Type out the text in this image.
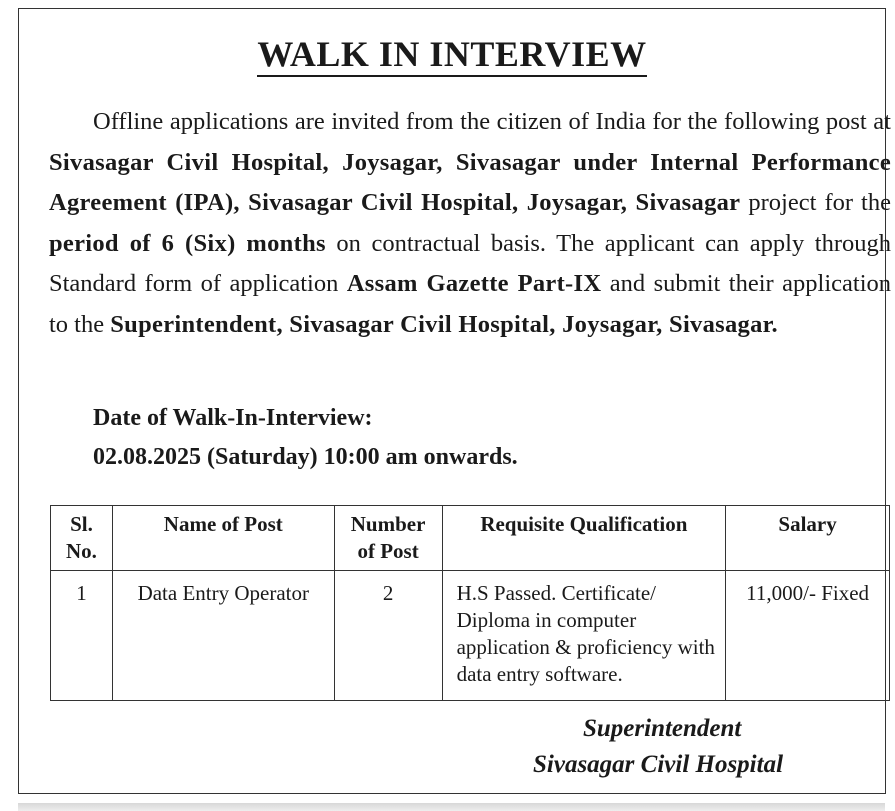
WALK IN INTERVIEW

Offline applications are invited from the citizen of India for the following post at Sivasagar Civil Hospital, Joysagar, Sivasagar under Internal Performance Agreement (IPA), Sivasagar Civil Hospital, Joysagar, Sivasagar project for the period of 6 (Six) months on contractual basis. The applicant can apply through Standard form of application Assam Gazette Part-IX and submit their application to the Superintendent, Sivasagar Civil Hospital, Joysagar, Sivasagar.

Date of Walk-In-Interview:
02.08.2025 (Saturday) 10:00 am onwards.
Sl. No.	Name of Post	Number of Post	Requisite Qualification	Salary
1	Data Entry Operator	2	H.S Passed. Certificate/ Diploma in computer application & proficiency with data entry software.	11,000/- Fixed
Superintendent
Sivasagar Civil Hospital
